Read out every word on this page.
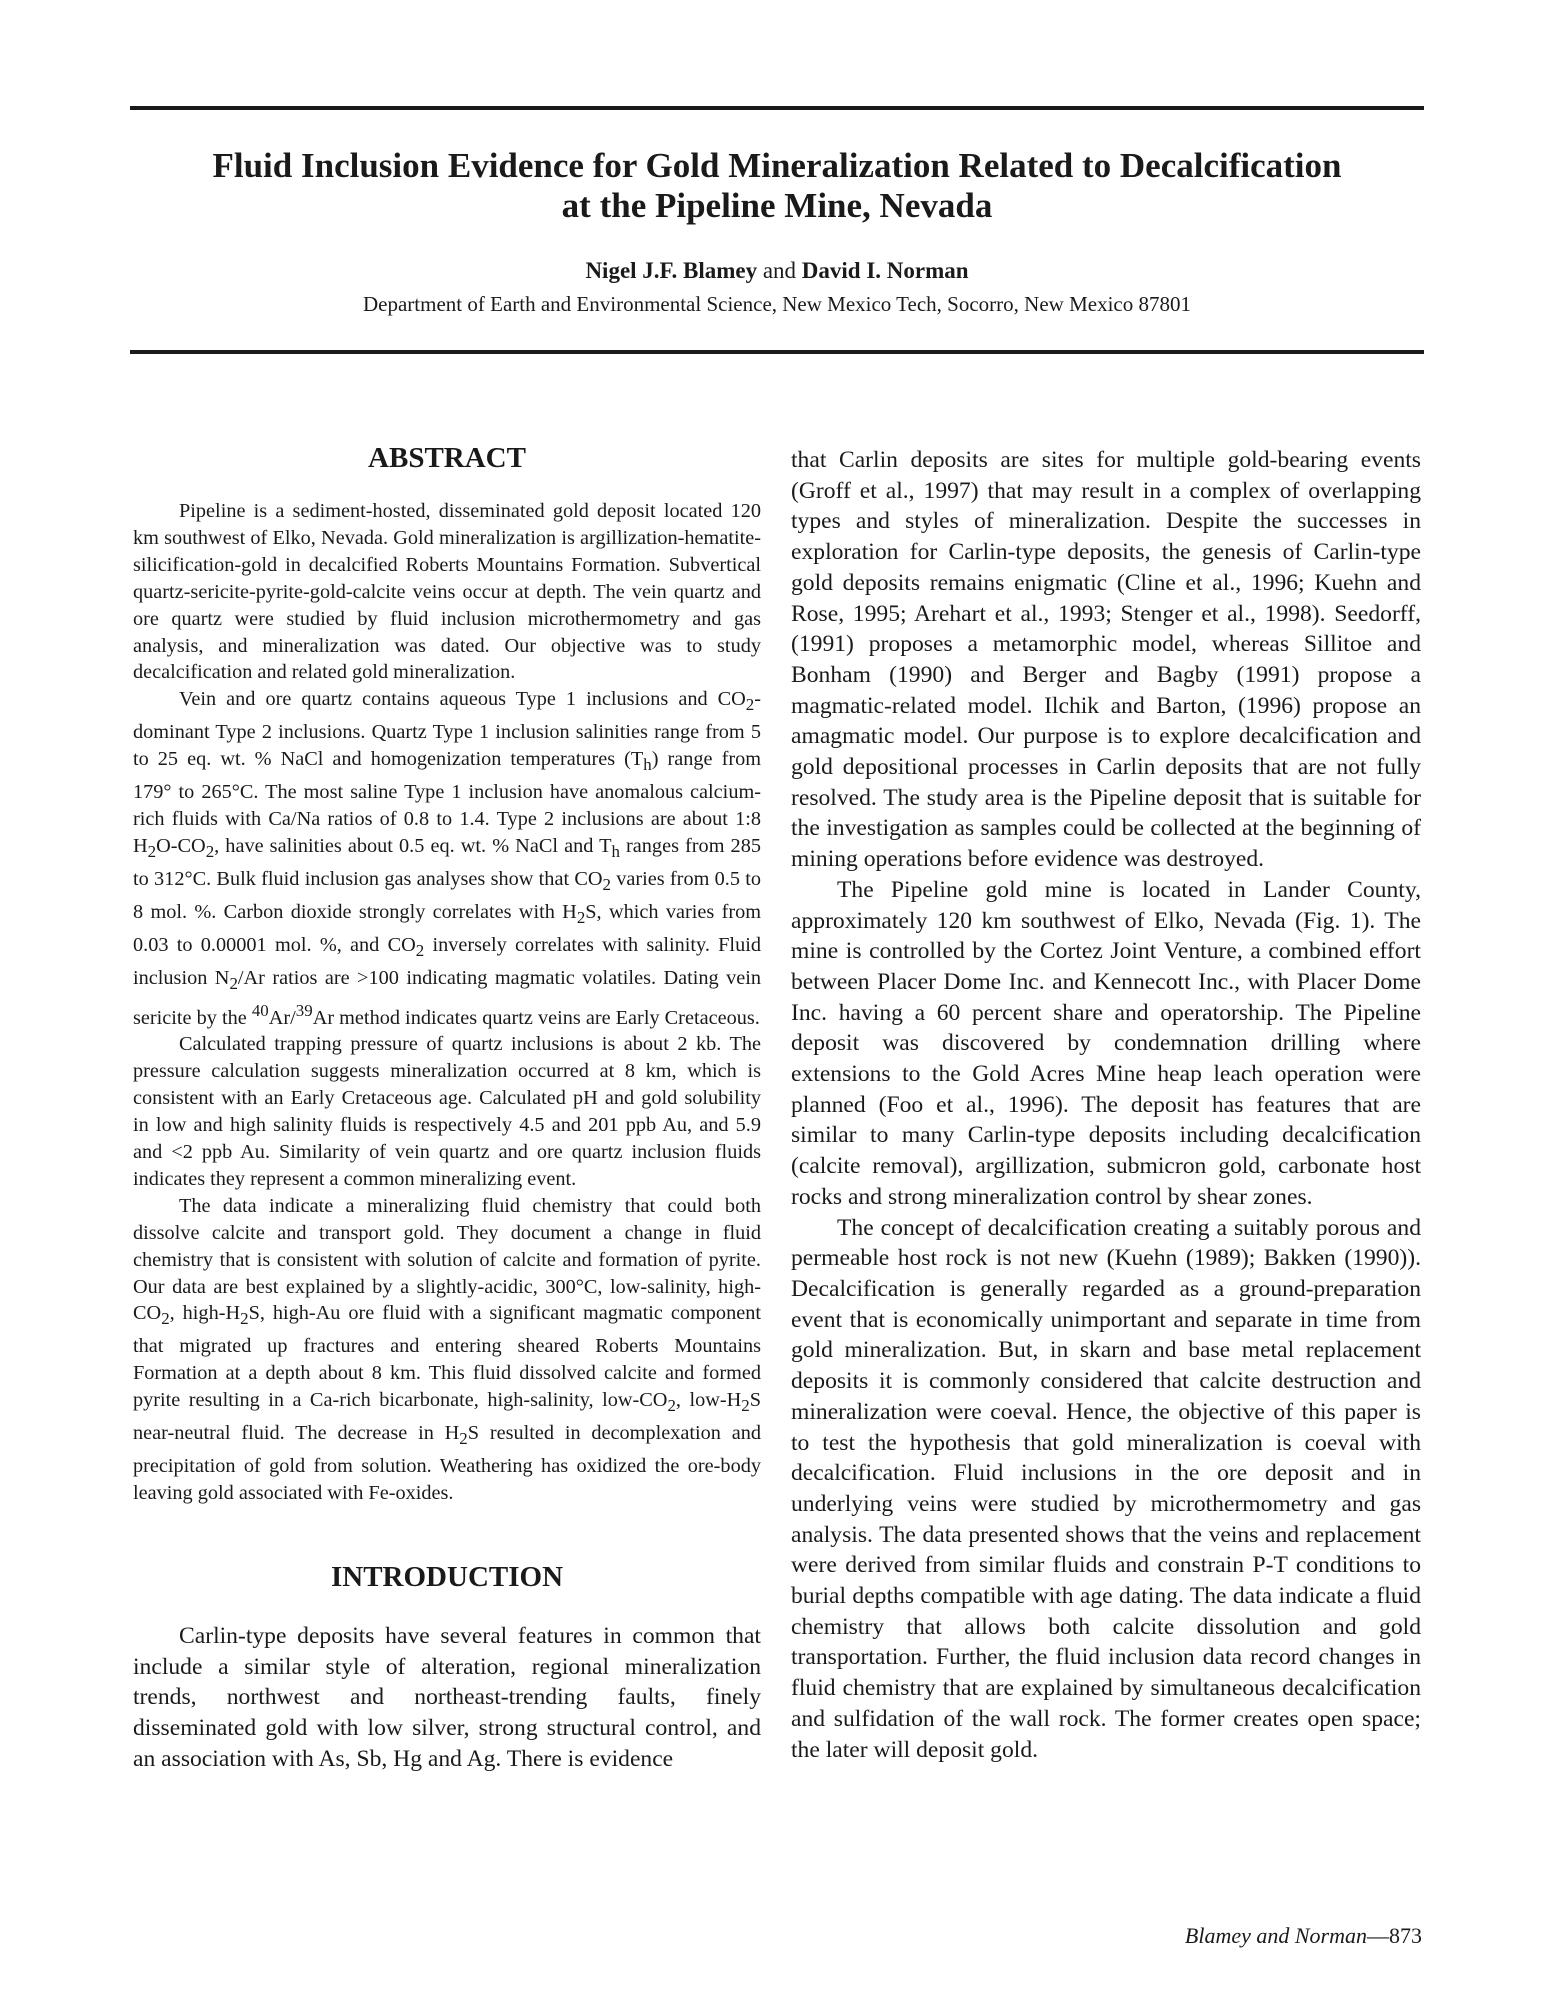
Fluid Inclusion Evidence for Gold Mineralization Related to Decalcification
at the Pipeline Mine, Nevada
Nigel J.F. Blamey and David I. Norman
Department of Earth and Environmental Science, New Mexico Tech, Socorro, New Mexico 87801
ABSTRACT

Pipeline is a sediment-hosted, disseminated gold deposit located 120 km southwest of Elko, Nevada. Gold mineralization is argillization-hematite-silicification-gold in decalcified Roberts Mountains Formation. Subvertical quartz-sericite-pyrite-gold-calcite veins occur at depth. The vein quartz and ore quartz were studied by fluid inclusion microthermometry and gas analysis, and mineralization was dated. Our objective was to study decalcification and related gold mineralization.

Vein and ore quartz contains aqueous Type 1 inclusions and $CO_2$-dominant Type 2 inclusions. Quartz Type 1 inclusion salinities range from 5 to 25 eq. wt. % NaCl and homogenization temperatures $(T_h)$ range from 179° to 265°C. The most saline Type 1 inclusion have anomalous calcium-rich fluids with Ca/Na ratios of 0.8 to 1.4. Type 2 inclusions are about 1:8 $H_2O-CO_2$, have salinities about 0.5 eq. wt. % NaCl and $T_h$ ranges from 285 to 312°C. Bulk fluid inclusion gas analyses show that $CO_2$ varies from 0.5 to 8 mol. %. Carbon dioxide strongly correlates with $H_2S$, which varies from 0.03 to 0.00001 mol. %, and $CO_2$ inversely correlates with salinity. Fluid inclusion $N_2/Ar$ ratios are >100 indicating magmatic volatiles. Dating vein sericite by the $^{40}$Ar/$^{39}$Ar method indicates quartz veins are Early Cretaceous.

Calculated trapping pressure of quartz inclusions is about 2 kb. The pressure calculation suggests mineralization occurred at 8 km, which is consistent with an Early Cretaceous age. Calculated pH and gold solubility in low and high salinity fluids is respectively 4.5 and 201 ppb Au, and 5.9 and <2 ppb Au. Similarity of vein quartz and ore quartz inclusion fluids indicates they represent a common mineralizing event.

The data indicate a mineralizing fluid chemistry that could both dissolve calcite and transport gold. They document a change in fluid chemistry that is consistent with solution of calcite and formation of pyrite. Our data are best explained by a slightly-acidic, 300°C, low-salinity, high-$CO_2$, high-$H_2S$, high-Au ore fluid with a significant magmatic component that migrated up fractures and entering sheared Roberts Mountains Formation at a depth about 8 km. This fluid dissolved calcite and formed pyrite resulting in a Ca-rich bicarbonate, high-salinity, low-$CO_2$, low-$H_2S$ near-neutral fluid. The decrease in $H_2S$ resulted in decomplexation and precipitation of gold from solution. Weathering has oxidized the ore-body leaving gold associated with Fe-oxides.

INTRODUCTION

Carlin-type deposits have several features in common that include a similar style of alteration, regional mineralization trends, northwest and northeast-trending faults, finely disseminated gold with low silver, strong structural control, and an association with As, Sb, Hg and Ag. There is evidence

that Carlin deposits are sites for multiple gold-bearing events (Groff et al., 1997) that may result in a complex of overlapping types and styles of mineralization. Despite the successes in exploration for Carlin-type deposits, the genesis of Carlin-type gold deposits remains enigmatic (Cline et al., 1996; Kuehn and Rose, 1995; Arehart et al., 1993; Stenger et al., 1998). Seedorff, (1991) proposes a metamorphic model, whereas Sillitoe and Bonham (1990) and Berger and Bagby (1991) propose a magmatic-related model. Ilchik and Barton, (1996) propose an amagmatic model. Our purpose is to explore decalcification and gold depositional processes in Carlin deposits that are not fully resolved. The study area is the Pipeline deposit that is suitable for the investigation as samples could be collected at the beginning of mining operations before evidence was destroyed.

The Pipeline gold mine is located in Lander County, approximately 120 km southwest of Elko, Nevada (Fig. 1). The mine is controlled by the Cortez Joint Venture, a combined effort between Placer Dome Inc. and Kennecott Inc., with Placer Dome Inc. having a 60 percent share and operatorship. The Pipeline deposit was discovered by condemnation drilling where extensions to the Gold Acres Mine heap leach operation were planned (Foo et al., 1996). The deposit has features that are similar to many Carlin-type deposits including decalcification (calcite removal), argillization, submicron gold, carbonate host rocks and strong mineralization control by shear zones.

The concept of decalcification creating a suitably porous and permeable host rock is not new (Kuehn (1989); Bakken (1990)). Decalcification is generally regarded as a ground-preparation event that is economically unimportant and separate in time from gold mineralization. But, in skarn and base metal replacement deposits it is commonly considered that calcite destruction and mineralization were coeval. Hence, the objective of this paper is to test the hypothesis that gold mineralization is coeval with decalcification. Fluid inclusions in the ore deposit and in underlying veins were studied by microthermometry and gas analysis. The data presented shows that the veins and replacement were derived from similar fluids and constrain P-T conditions to burial depths compatible with age dating. The data indicate a fluid chemistry that allows both calcite dissolution and gold transportation. Further, the fluid inclusion data record changes in fluid chemistry that are explained by simultaneous decalcification and sulfidation of the wall rock. The former creates open space; the later will deposit gold.

Blamey and Norman—873
